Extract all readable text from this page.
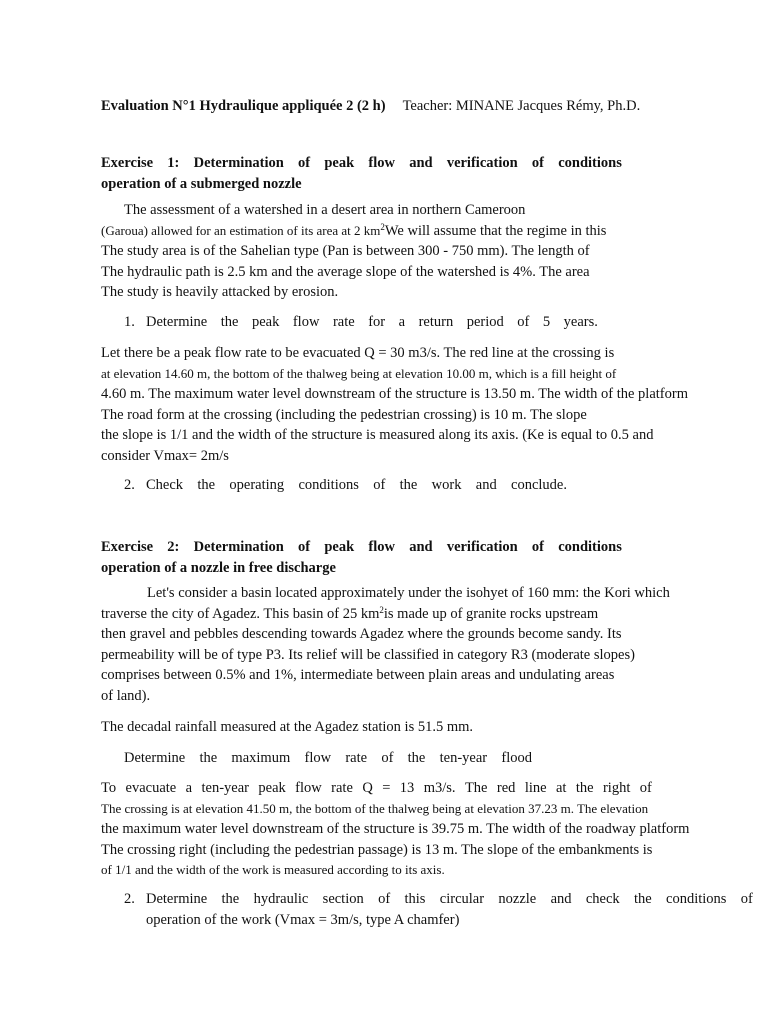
Evaluation N°1 Hydraulique appliquée 2 (2 h) Teacher: MINANE Jacques Rémy, Ph.D.
Exercise 1: Determination of peak flow and verification of conditions
operation of a submerged nozzle
The assessment of a watershed in a desert area in northern Cameroon
(Garoua) allowed for an estimation of its area at 2 $km^2We$ will assume that the regime in this
The study area is of the Sahelian type (Pan is between 300 - 750 mm). The length of
The hydraulic path is 2.5 km and the average slope of the watershed is 4%. The area
The study is heavily attacked by erosion.
1. Determine the peak flow rate for a return period of 5 years.
Let there be a peak flow rate to be evacuated Q = 30 m3/s. The red line at the crossing is
at elevation 14.60 m, the bottom of the thalweg being at elevation 10.00 m, which is a fill height of
4.60 m. The maximum water level downstream of the structure is 13.50 m. The width of the platform
The road form at the crossing (including the pedestrian crossing) is 10 m. The slope
the slope is 1/1 and the width of the structure is measured along its axis. (Ke is equal to 0.5 and
consider Vmax= 2m/s
2. Check the operating conditions of the work and conclude.
Exercise 2: Determination of peak flow and verification of conditions
operation of a nozzle in free discharge
Let's consider a basin located approximately under the isohyet of 160 mm: the Kori which
traverse the city of Agadez. This basin of 25 $km^2is$ made up of granite rocks upstream
then gravel and pebbles descending towards Agadez where the grounds become sandy. Its
permeability will be of type P3. Its relief will be classified in category R3 (moderate slopes)
comprises between 0.5% and 1%, intermediate between plain areas and undulating areas
of land).
The decadal rainfall measured at the Agadez station is 51.5 mm.
Determine the maximum flow rate of the ten-year flood
To evacuate a ten-year peak flow rate Q = 13 m3/s. The red line at the right of
The crossing is at elevation 41.50 m, the bottom of the thalweg being at elevation 37.23 m. The elevation
the maximum water level downstream of the structure is 39.75 m. The width of the roadway platform
The crossing right (including the pedestrian passage) is 13 m. The slope of the embankments is
of 1/1 and the width of the work is measured according to its axis.
2. Determine the hydraulic section of this circular nozzle and check the conditions of
operation of the work (Vmax = 3m/s, type A chamfer)
